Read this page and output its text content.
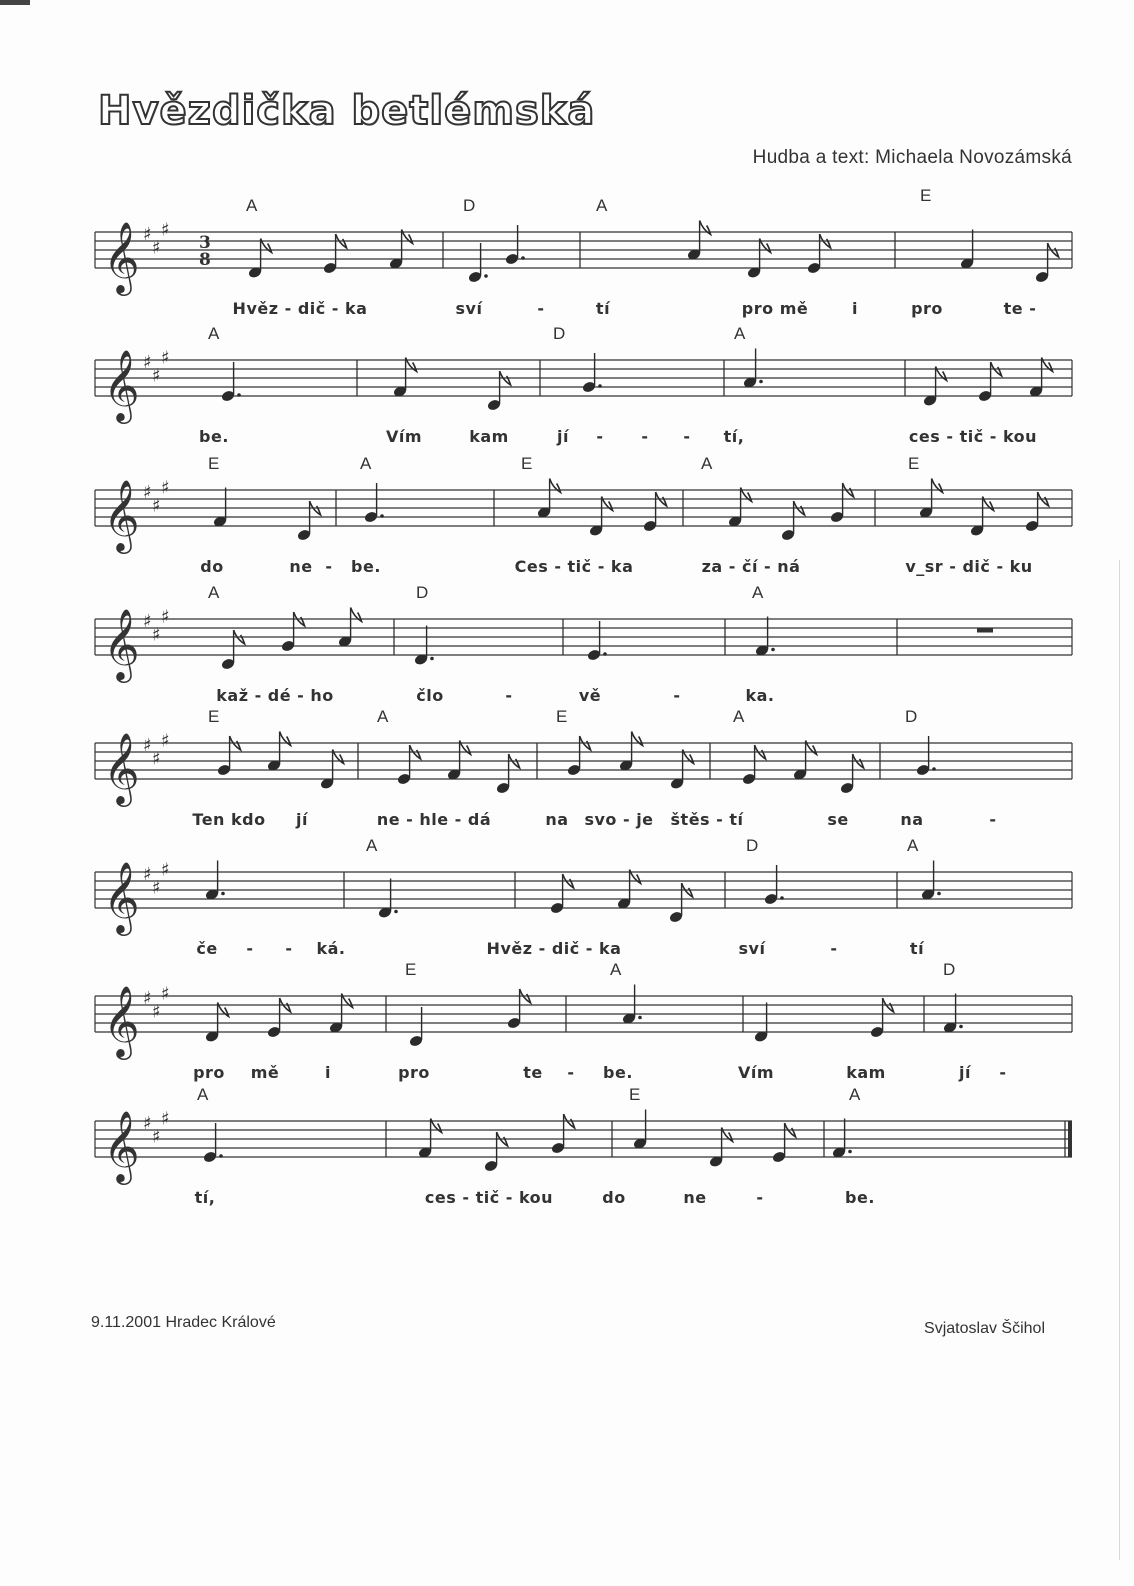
Hvězdička betlémská
Hudba a text: Michaela Novozámská
𝄞 ♯
♯
♯
3
8
A	D	A
E
Hvěz - dič - ka	sví	-	tí	pro mě	i	pro	te -
𝄞 ♯
♯
♯
A	D	A
be.	Vím	kam	jí - - - tí,	ces - tič - kou
𝄞 ♯
♯
♯
E	A	E	A	E
do	ne - be.	Ces - tič - ka	za - čí - ná	v_sr - dič - ku
𝄞 ♯
♯
♯
A	D	A
kaž - dé - ho	člo	-	vě	-	ka.
𝄞 ♯
♯
♯
E	A	E	A	D
Ten kdo jí	ne - hle - dá	na svo - je štěs - tí	se	na	-
𝄞 ♯
♯
♯
A	D	A
če - - ká.	Hvěz - dič - ka	sví	-	tí
𝄞 ♯
♯
♯
E	A	D
pro mě	i	pro	te - be.	Vím	kam	jí -
𝄞 ♯
♯
♯
A	E	A
tí,	ces - tič - kou	do	ne	-	be.
9.11.2001 Hradec Králové	Svjatoslav Ščihol
